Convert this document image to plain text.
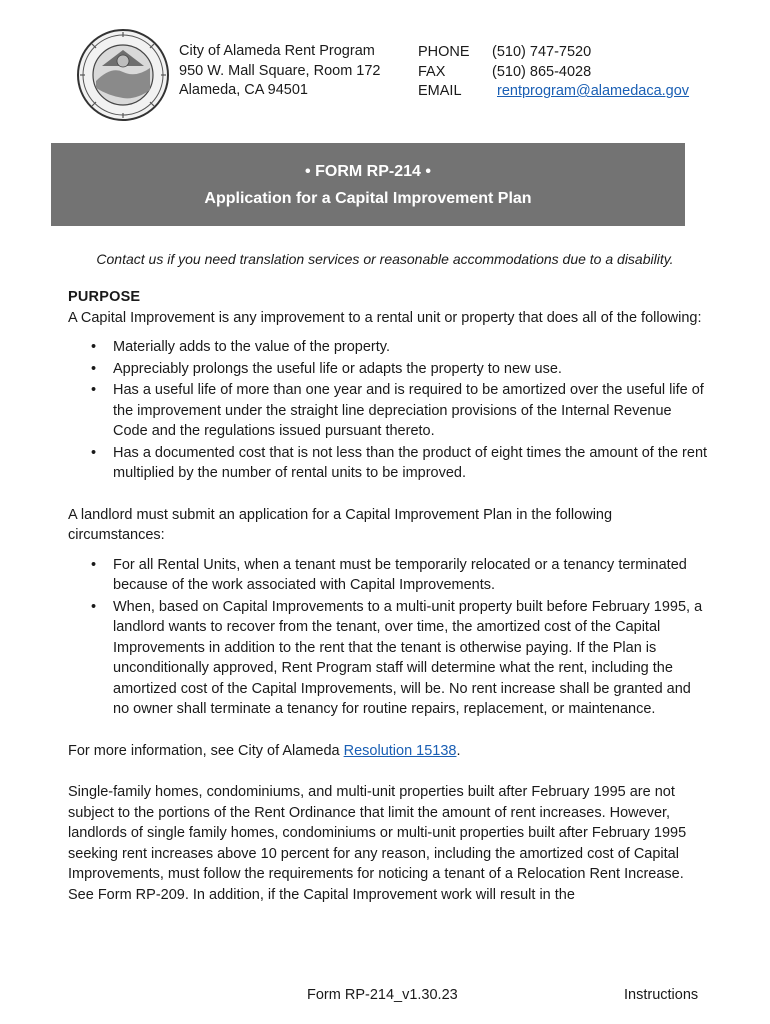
City of Alameda Rent Program
950 W. Mall Square, Room 172
Alameda, CA 94501
PHONE
FAX
EMAIL
(510) 747-7520
(510) 865-4028
rentprogram@alamedaca.gov
• FORM RP-214 •
Application for a Capital Improvement Plan
Contact us if you need translation services or reasonable accommodations due to a disability.
PURPOSE

A Capital Improvement is any improvement to a rental unit or property that does all of the following:

• Materially adds to the value of the property.
• Appreciably prolongs the useful life or adapts the property to new use.
• Has a useful life of more than one year and is required to be amortized over the useful life of the improvement under the straight line depreciation provisions of the Internal Revenue Code and the regulations issued pursuant thereto.
• Has a documented cost that is not less than the product of eight times the amount of the rent multiplied by the number of rental units to be improved.

A landlord must submit an application for a Capital Improvement Plan in the following circumstances:

• For all Rental Units, when a tenant must be temporarily relocated or a tenancy terminated because of the work associated with Capital Improvements.
• When, based on Capital Improvements to a multi-unit property built before February 1995, a landlord wants to recover from the tenant, over time, the amortized cost of the Capital Improvements in addition to the rent that the tenant is otherwise paying. If the Plan is unconditionally approved, Rent Program staff will determine what the rent, including the amortized cost of the Capital Improvements, will be. No rent increase shall be granted and no owner shall terminate a tenancy for routine repairs, replacement, or maintenance.

For more information, see City of Alameda Resolution 15138.

Single-family homes, condominiums, and multi-unit properties built after February 1995 are not subject to the portions of the Rent Ordinance that limit the amount of rent increases. However, landlords of single family homes, condominiums or multi-unit properties built after February 1995 seeking rent increases above 10 percent for any reason, including the amortized cost of Capital Improvements, must follow the requirements for noticing a tenant of a Relocation Rent Increase. See Form RP-209. In addition, if the Capital Improvement work will result in the

Form RP-214_v1.30.23	Instructions
